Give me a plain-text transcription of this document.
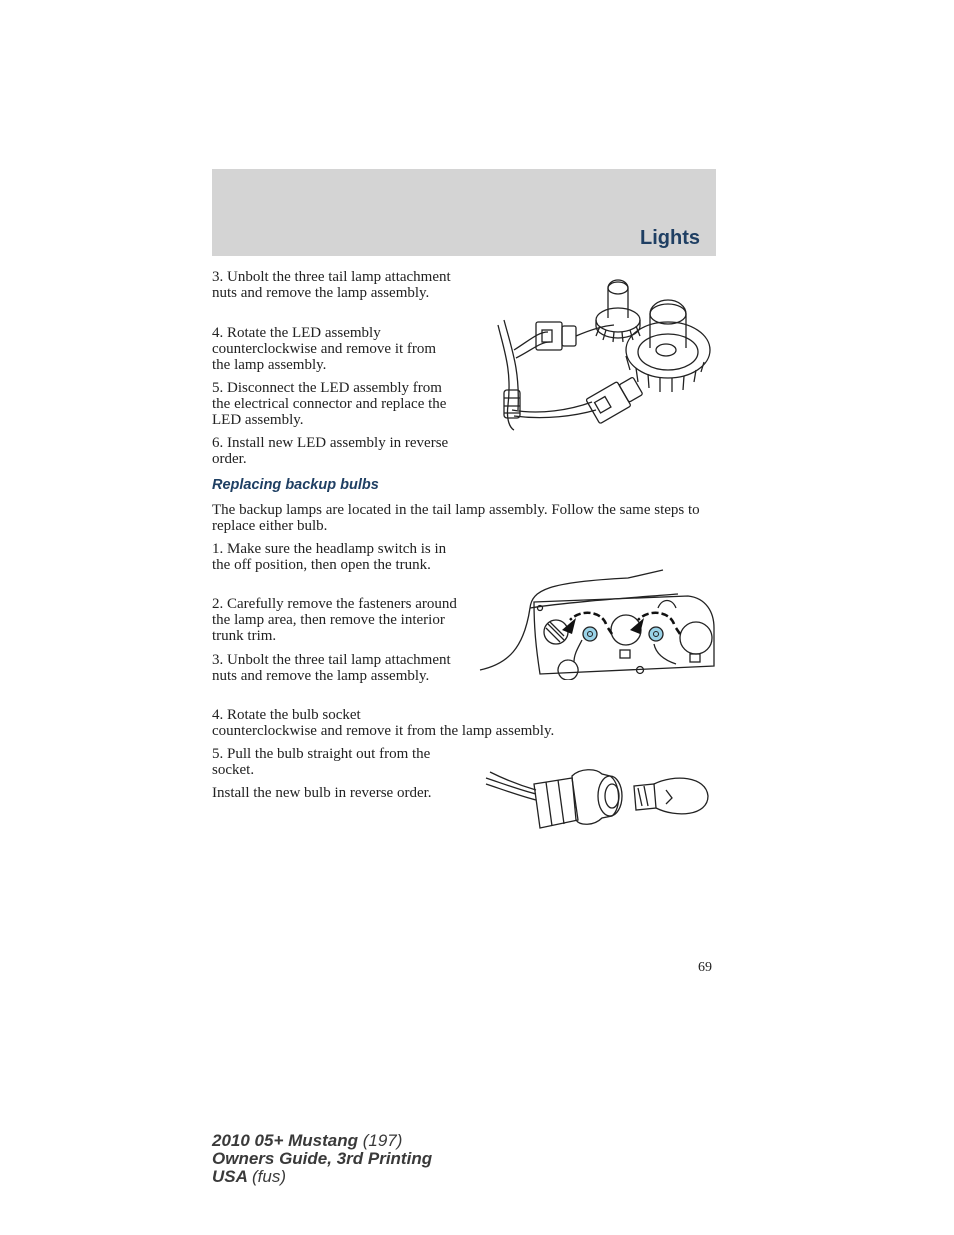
Lights
3. Unbolt the three tail lamp attachment nuts and remove the lamp assembly.
4. Rotate the LED assembly counterclockwise and remove it from the lamp assembly.
5. Disconnect the LED assembly from the electrical connector and replace the LED assembly.
6. Install new LED assembly in reverse order.
Replacing backup bulbs
The backup lamps are located in the tail lamp assembly. Follow the same steps to replace either bulb.
1. Make sure the headlamp switch is in the off position, then open the trunk.
2. Carefully remove the fasteners around the lamp area, then remove the interior trunk trim.
3. Unbolt the three tail lamp attachment nuts and remove the lamp assembly.
4. Rotate the bulb socket
counterclockwise and remove it from the lamp assembly.
5. Pull the bulb straight out from the socket.
Install the new bulb in reverse order.
69
2010 05+ Mustang (197)
Owners Guide, 3rd Printing
USA (fus)
